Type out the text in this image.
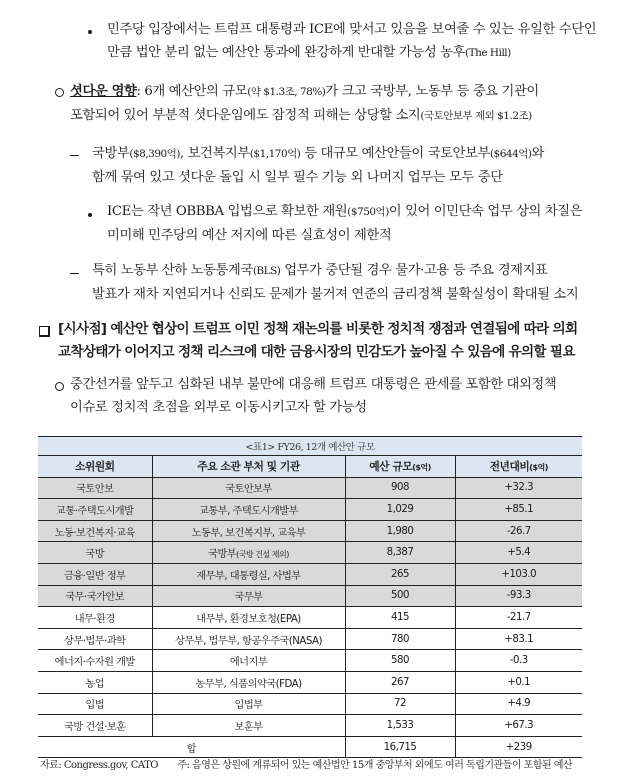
민주당 입장에서는 트럼프 대통령과 ICE에 맞서고 있음을 보여줄 수 있는 유일한 수단인
만큼 법안 분리 없는 예산안 통과에 완강하게 반대할 가능성 농후(The Hill)
셧다운 영향: 6개 예산안의 규모(약 $1.3조, 78%)가 크고 국방부, 노동부 등 중요 기관이
포함되어 있어 부분적 셧다운임에도 잠정적 피해는 상당할 소지(국토안보부 제외 $1.2조)
국방부($8,390억), 보건복지부($1,170억) 등 대규모 예산안들이 국토안보부($644억)와
함께 묶여 있고 셧다운 돌입 시 일부 필수 기능 외 나머지 업무는 모두 중단
ICE는 작년 OBBBA 입법으로 확보한 재원($750억)이 있어 이민단속 업무 상의 차질은
미미해 민주당의 예산 저지에 따른 실효성이 제한적
특히 노동부 산하 노동통계국(BLS) 업무가 중단될 경우 물가·고용 등 주요 경제지표
발표가 재차 지연되거나 신뢰도 문제가 불거져 연준의 금리정책 불확실성이 확대될 소지
[시사점] 예산안 협상이 트럼프 이민 정책 재논의를 비롯한 정치적 쟁점과 연결됨에 따라 의회
교착상태가 이어지고 정책 리스크에 대한 금융시장의 민감도가 높아질 수 있음에 유의할 필요
중간선거를 앞두고 심화된 내부 불만에 대응해 트럼프 대통령은 관세를 포함한 대외정책
이슈로 정치적 초점을 외부로 이동시키고자 할 가능성
<표1> FY26, 12개 예산안 규모			
소위원회	주요 소관 부처 및 기관	예산 규모($억)	전년대비($억)
국토안보	국토안보부	908	+32.3
교통·주택도시개발	교통부, 주택도시개발부	1,029	+85.1
노동·보건복지·교육	노동부, 보건복지부, 교육부	1,980	-26.7
국방	국방부(국방 건설 제외)	8,387	+5.4
금융·일반 정부	재무부, 대통령실, 사법부	265	+103.0
국무·국가안보	국무부	500	-93.3
내무·환경	내무부, 환경보호청(EPA)	415	-21.7
상무·법무·과학	상무부, 법무부, 항공우주국(NASA)	780	+83.1
에너지·수자원 개발	에너지부	580	-0.3
농업	농무부, 식품의약국(FDA)	267	+0.1
입법	입법부	72	+4.9
국방 건설·보훈	보훈부	1,533	+67.3
합		16,715	+239
자료: Congress.gov, CATO 주: 음영은 상원에 계류되어 있는 예산법안 15개 중앙부처 외에도 여러 독립기관들이 포함된 예산
